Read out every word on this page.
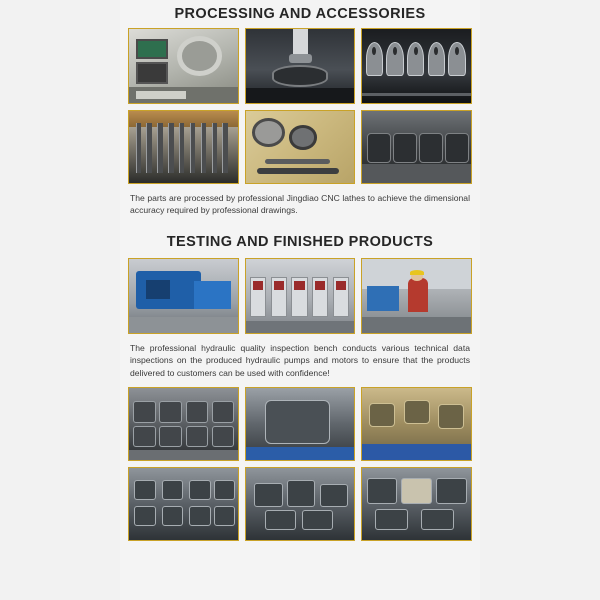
PROCESSING AND ACCESSORIES
The parts are processed by professional Jingdiao CNC lathes to achieve the dimensional accuracy required by professional drawings.
TESTING AND FINISHED PRODUCTS
The professional hydraulic quality inspection bench conducts various technical data inspections on the produced hydraulic pumps and motors to ensure that the products delivered to customers can be used with confidence!
